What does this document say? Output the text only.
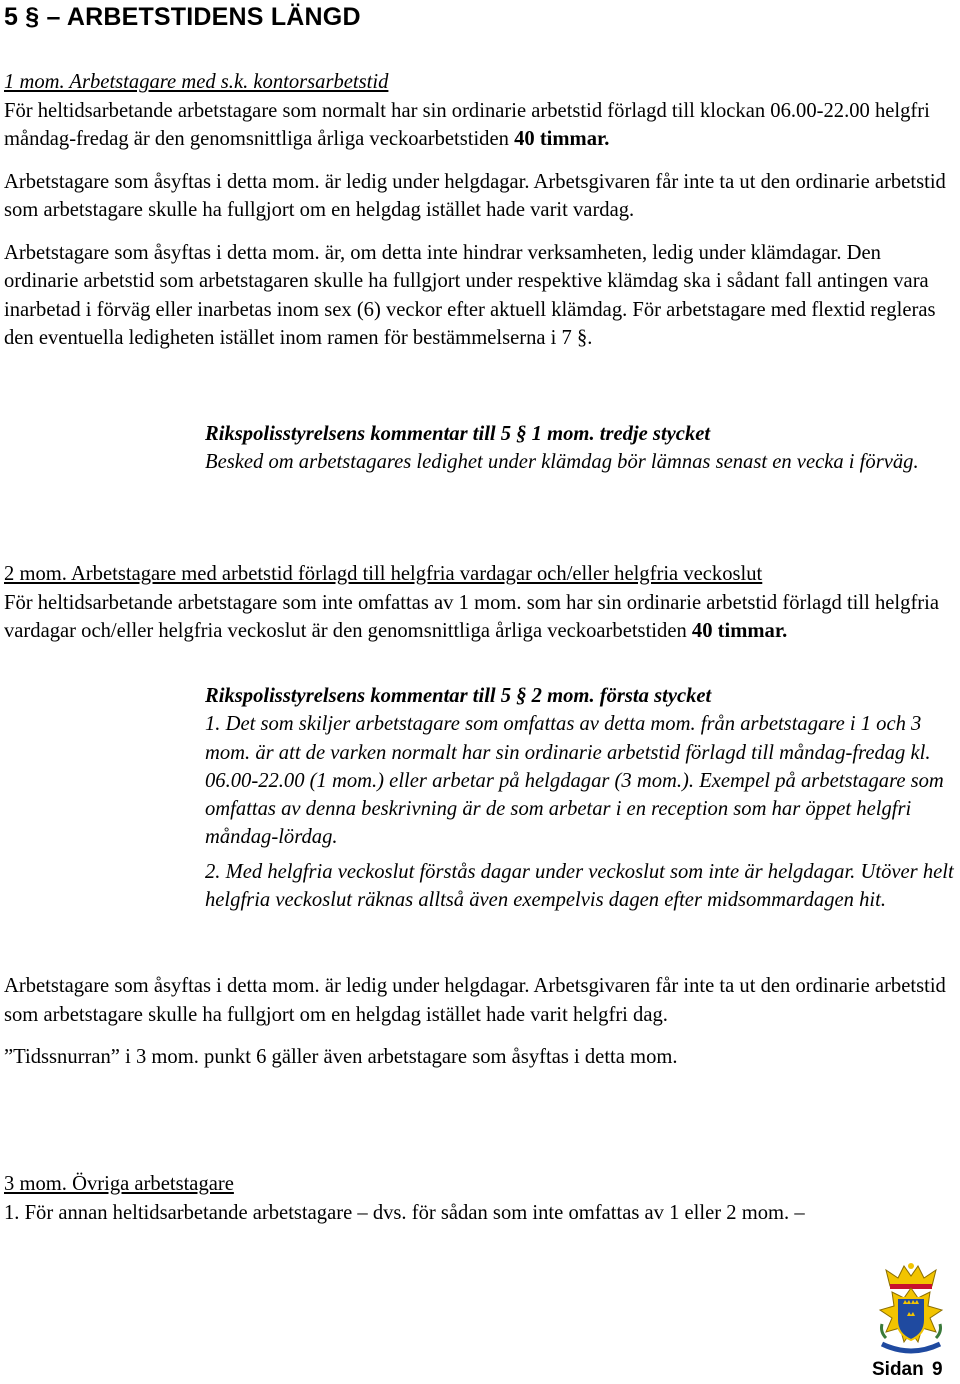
5 § – ARBETSTIDENS LÄNGD

1 mom. Arbetstagare med s.k. kontorsarbetstid

För heltidsarbetande arbetstagare som normalt har sin ordinarie arbetstid förlagd till klockan 06.00-22.00 helgfri måndag-fredag är den genomsnittliga årliga veckoarbetstiden 40 timmar.

Arbetstagare som åsyftas i detta mom. är ledig under helgdagar. Arbetsgivaren får inte ta ut den ordinarie arbetstid som arbetstagare skulle ha fullgjort om en helgdag istället hade varit vardag.

Arbetstagare som åsyftas i detta mom. är, om detta inte hindrar verksamheten, ledig under klämdagar. Den ordinarie arbetstid som arbetstagaren skulle ha fullgjort under respektive klämdag ska i sådant fall antingen vara inarbetad i förväg eller inarbetas inom sex (6) veckor efter aktuell klämdag. För arbetstagare med flextid regleras den eventuella ledigheten istället inom ramen för bestämmelserna i 7 §.

Rikspolisstyrelsens kommentar till 5 § 1 mom. tredje stycket

Besked om arbetstagares ledighet under klämdag bör lämnas senast en vecka i förväg.

2 mom. Arbetstagare med arbetstid förlagd till helgfria vardagar och/eller helgfria veckoslut

För heltidsarbetande arbetstagare som inte omfattas av 1 mom. som har sin ordinarie arbetstid förlagd till helgfria vardagar och/eller helgfria veckoslut är den genomsnittliga årliga veckoarbetstiden 40 timmar.

Rikspolisstyrelsens kommentar till 5 § 2 mom. första stycket

1. Det som skiljer arbetstagare som omfattas av detta mom. från arbetstagare i 1 och 3 mom. är att de varken normalt har sin ordinarie arbetstid förlagd till måndag-fredag kl. 06.00-22.00 (1 mom.) eller arbetar på helgdagar (3 mom.). Exempel på arbetstagare som omfattas av denna beskrivning är de som arbetar i en reception som har öppet helgfri måndag-lördag.

2. Med helgfria veckoslut förstås dagar under veckoslut som inte är helgdagar. Utöver helt helgfria veckoslut räknas alltså även exempelvis dagen efter midsommardagen hit.

Arbetstagare som åsyftas i detta mom. är ledig under helgdagar. Arbetsgivaren får inte ta ut den ordinarie arbetstid som arbetstagare skulle ha fullgjort om en helgdag istället hade varit helgfri dag.

”Tidssnurran” i 3 mom. punkt 6 gäller även arbetstagare som åsyftas i detta mom.

3 mom. Övriga arbetstagare

1. För annan heltidsarbetande arbetstagare – dvs. för sådan som inte omfattas av 1 eller 2 mom. –

Sidan 9
